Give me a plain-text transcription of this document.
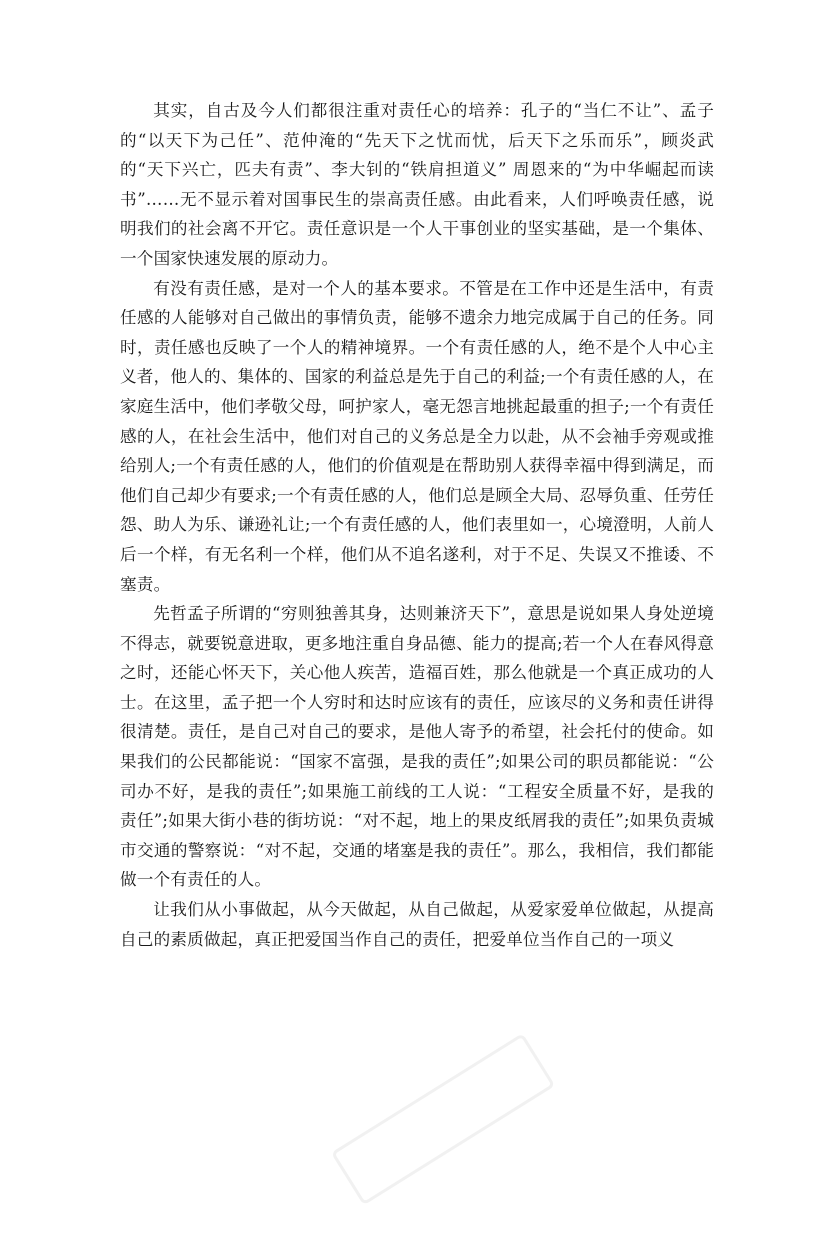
其实，自古及今人们都很注重对责任心的培养：孔子的“当仁不让”、孟子的“以天下为己任”、范仲淹的“先天下之忧而忧，后天下之乐而乐”，顾炎武的“天下兴亡，匹夫有责”、李大钊的“铁肩担道义” 周恩来的“为中华崛起而读书”……无不显示着对国事民生的崇高责任感。由此看来，人们呼唤责任感，说明我们的社会离不开它。责任意识是一个人干事创业的坚实基础，是一个集体、一个国家快速发展的原动力。

有没有责任感，是对一个人的基本要求。不管是在工作中还是生活中，有责任感的人能够对自己做出的事情负责，能够不遗余力地完成属于自己的任务。同时，责任感也反映了一个人的精神境界。一个有责任感的人，绝不是个人中心主义者，他人的、集体的、国家的利益总是先于自己的利益;一个有责任感的人，在家庭生活中，他们孝敬父母，呵护家人，毫无怨言地挑起最重的担子;一个有责任感的人，在社会生活中，他们对自己的义务总是全力以赴，从不会袖手旁观或推给别人;一个有责任感的人，他们的价值观是在帮助别人获得幸福中得到满足，而他们自己却少有要求;一个有责任感的人，他们总是顾全大局、忍辱负重、任劳任怨、助人为乐、谦逊礼让;一个有责任感的人，他们表里如一，心境澄明，人前人后一个样，有无名利一个样，他们从不追名遂利，对于不足、失误又不推诿、不塞责。

先哲孟子所谓的“穷则独善其身，达则兼济天下”，意思是说如果人身处逆境不得志，就要锐意进取，更多地注重自身品德、能力的提高;若一个人在春风得意之时，还能心怀天下，关心他人疾苦，造福百姓，那么他就是一个真正成功的人士。在这里，孟子把一个人穷时和达时应该有的责任，应该尽的义务和责任讲得很清楚。责任，是自己对自己的要求，是他人寄予的希望，社会托付的使命。如果我们的公民都能说：“国家不富强，是我的责任”;如果公司的职员都能说：“公司办不好，是我的责任”;如果施工前线的工人说：“工程安全质量不好，是我的责任”;如果大街小巷的街坊说：“对不起，地上的果皮纸屑我的责任”;如果负责城市交通的警察说：“对不起，交通的堵塞是我的责任”。那么，我相信，我们都能做一个有责任的人。

让我们从小事做起，从今天做起，从自己做起，从爱家爱单位做起，从提高自己的素质做起，真正把爱国当作自己的责任，把爱单位当作自己的一项义
